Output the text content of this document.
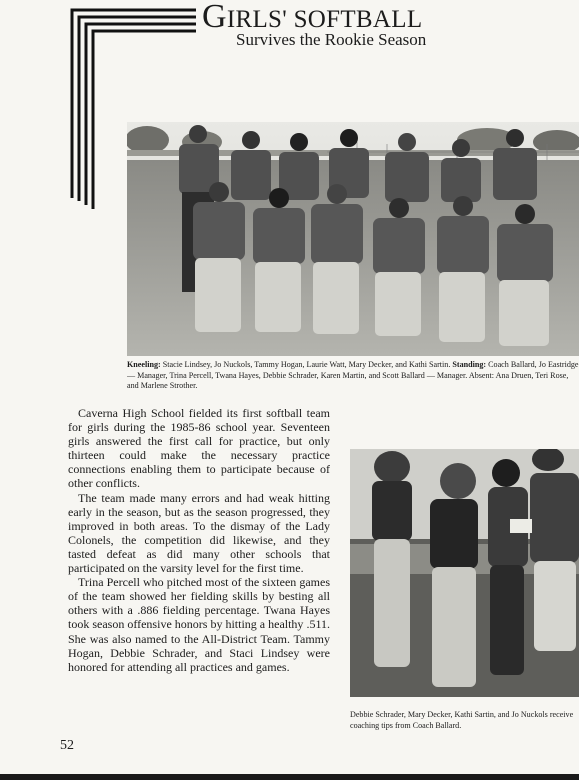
GIRLS' SOFTBALL
Survives the Rookie Season
Kneeling: Stacie Lindsey, Jo Nuckols, Tammy Hogan, Laurie Watt, Mary Decker, and Kathi Sartin. Standing: Coach Ballard, Jo Eastridge — Manager, Trina Percell, Twana Hayes, Debbie Schrader, Karen Martin, and Scott Ballard — Manager. Absent: Ana Druen, Teri Rose, and Marlene Strother.

Caverna High School fielded its first softball team for girls during the 1985-86 school year. Seventeen girls answered the first call for practice, but only thirteen could make the necessary practice connections enabling them to participate because of other conflicts.

The team made many errors and had weak hitting early in the season, but as the season progressed, they improved in both areas. To the dismay of the Lady Colonels, the competition did likewise, and they tasted defeat as did many other schools that participated on the varsity level for the first time.

Trina Percell who pitched most of the sixteen games of the team showed her fielding skills by besting all others with a .886 fielding percentage. Twana Hayes took season offensive honors by hitting a healthy .511. She was also named to the All-District Team. Tammy Hogan, Debbie Schrader, and Staci Lindsey were honored for attending all practices and games.

Debbie Schrader, Mary Decker, Kathi Sartin, and Jo Nuckols receive coaching tips from Coach Ballard.
52
